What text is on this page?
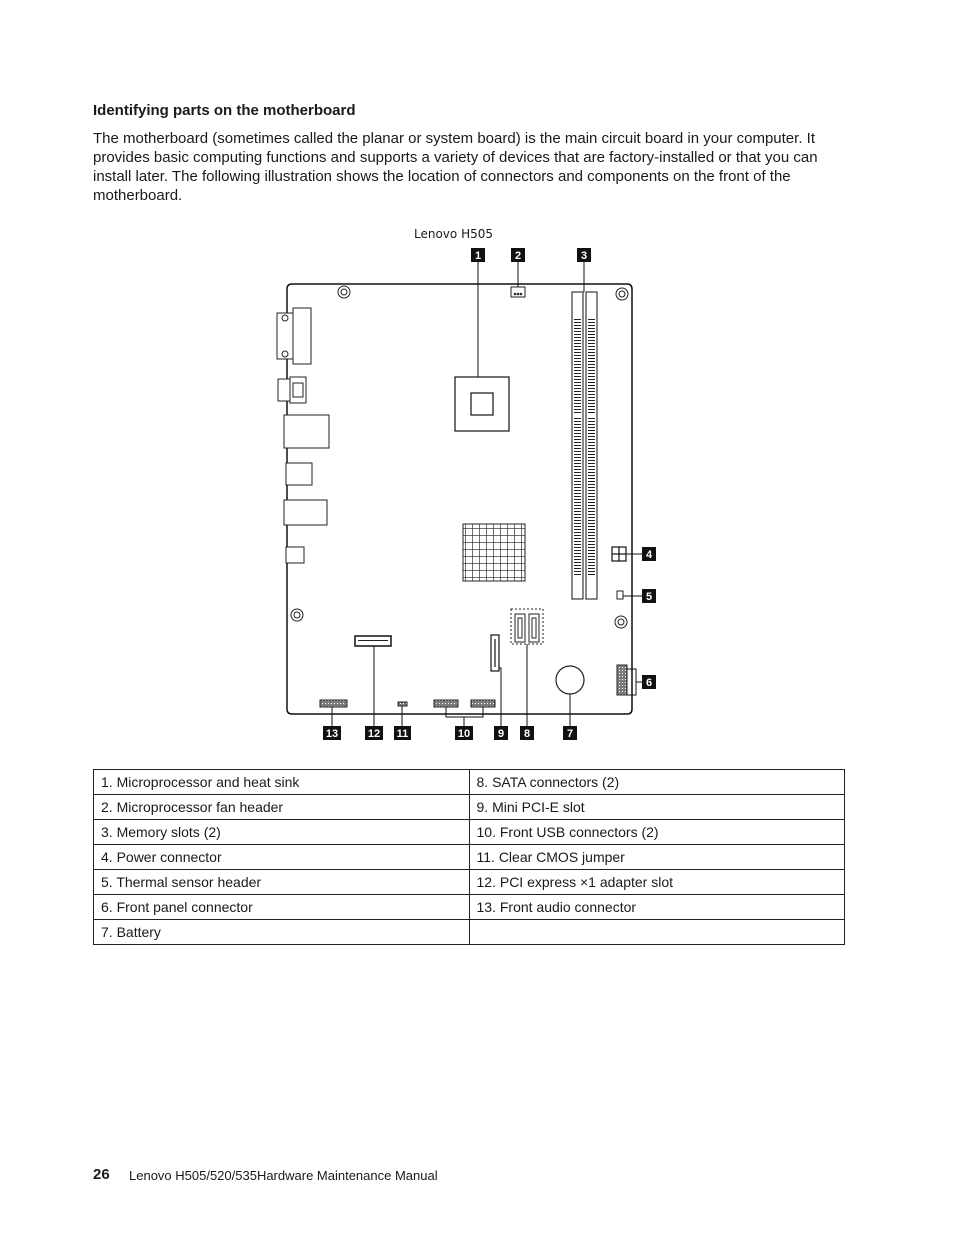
Identifying parts on the motherboard

The motherboard (sometimes called the planar or system board) is the main circuit board in your computer. It provides basic computing functions and supports a variety of devices that are factory-installed or that you can install later. The following illustration shows the location of connectors and components on the front of the motherboard.

Lenovo H505
1	2	3
4
5
6
7
8
9
10
11
12
13
1. Microprocessor and heat sink	8. SATA connectors (2)
2. Microprocessor fan header	9. Mini PCI-E slot
3. Memory slots (2)	10. Front USB connectors (2)
4. Power connector	11. Clear CMOS jumper
5. Thermal sensor header	12. PCI express ×1 adapter slot
6. Front panel connector	13. Front audio connector
7. Battery	
26 Lenovo H505/520/535Hardware Maintenance Manual
